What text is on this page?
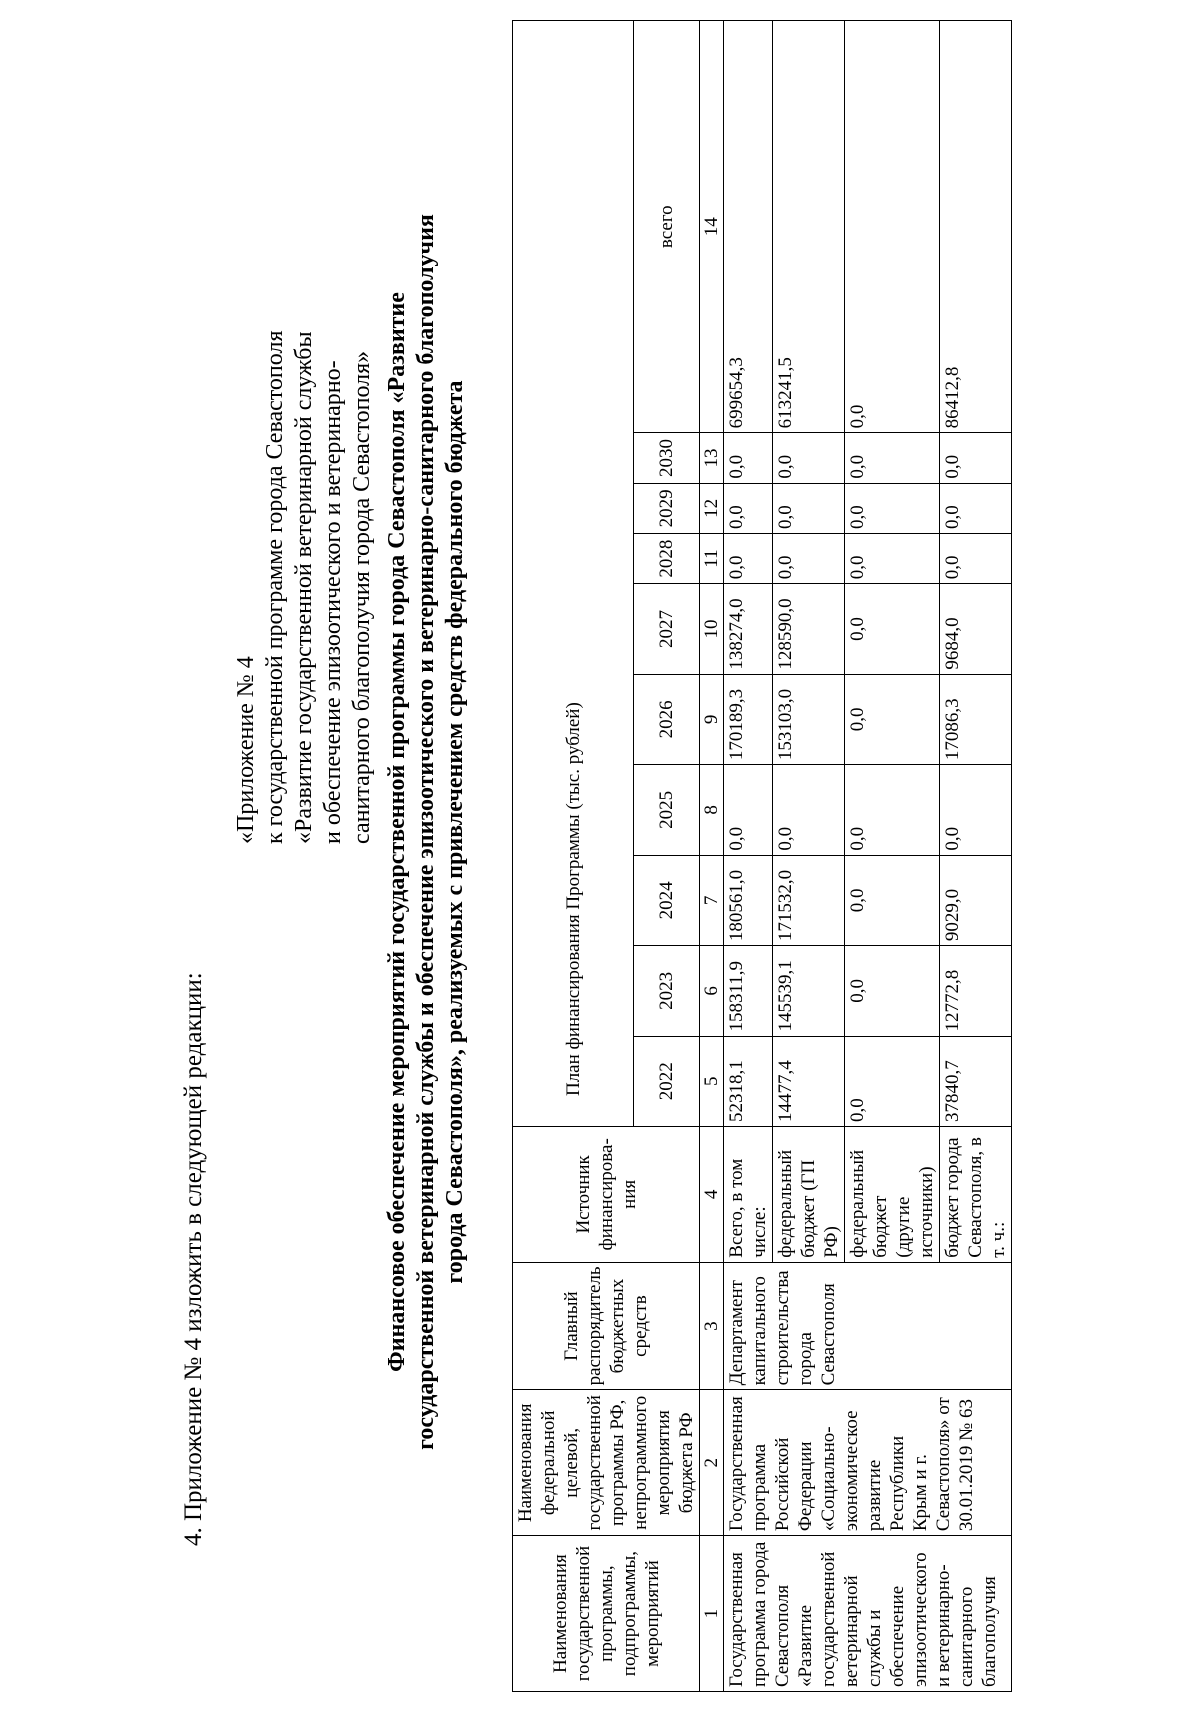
4. Приложение № 4 изложить в следующей редакции:
«Приложение № 4 к государственной программе города Севастополя «Развитие государственной ветеринарной службы и обеспечение эпизоотического и ветеринарно- санитарного благополучия города Севастополя» Финансовое обеспечение мероприятий государственной программы города Севастополя «Развитие государственной ветеринарной службы и обеспечение эпизоотического и ветеринарно-санитарного благополучия города Севастополя», реализуемых с привлечением средств федерального бюджета
Наименования государственной программы, подпрограммы, мероприятий	Наименования федеральной целевой, государственной программы РФ, непрограммного мероприятия бюджета РФ	Главный распорядитель бюджетных средств	Источник финансирова-ния	План финансирования Программы (тыс. рублей)									
				2022	2023	2024	2025	2026	2027	2028	2029	2030	всего
1	2	3	4	5	6	7	8	9	10	11	12	13	14
Государственная программа города Севастополя «Развитие государственной ветеринарной службы и обеспечение эпизоотического и ветеринарно-санитарного благополучия	Государственная программа Российской Федерации «Социально-экономическое развитие Республики Крым и г. Севастополя» от 30.01.2019 № 63	Департамент капитального строительства города Севастополя	Всего, в том числе:	52318,1	158311,9	180561,0	0,0	170189,3	138274,0	0,0	0,0	0,0	699654,3
			федеральный бюджет (ГП РФ)	14477,4	145539,1	171532,0	0,0	153103,0	128590,0	0,0	0,0	0,0	613241,5
			федеральный бюджет (другие источники)	0,0	0,0	0,0	0,0	0,0	0,0	0,0	0,0	0,0	0,0
			бюджет города Севастополя, в т. ч.:	37840,7	12772,8	9029,0	0,0	17086,3	9684,0	0,0	0,0	0,0	86412,8
